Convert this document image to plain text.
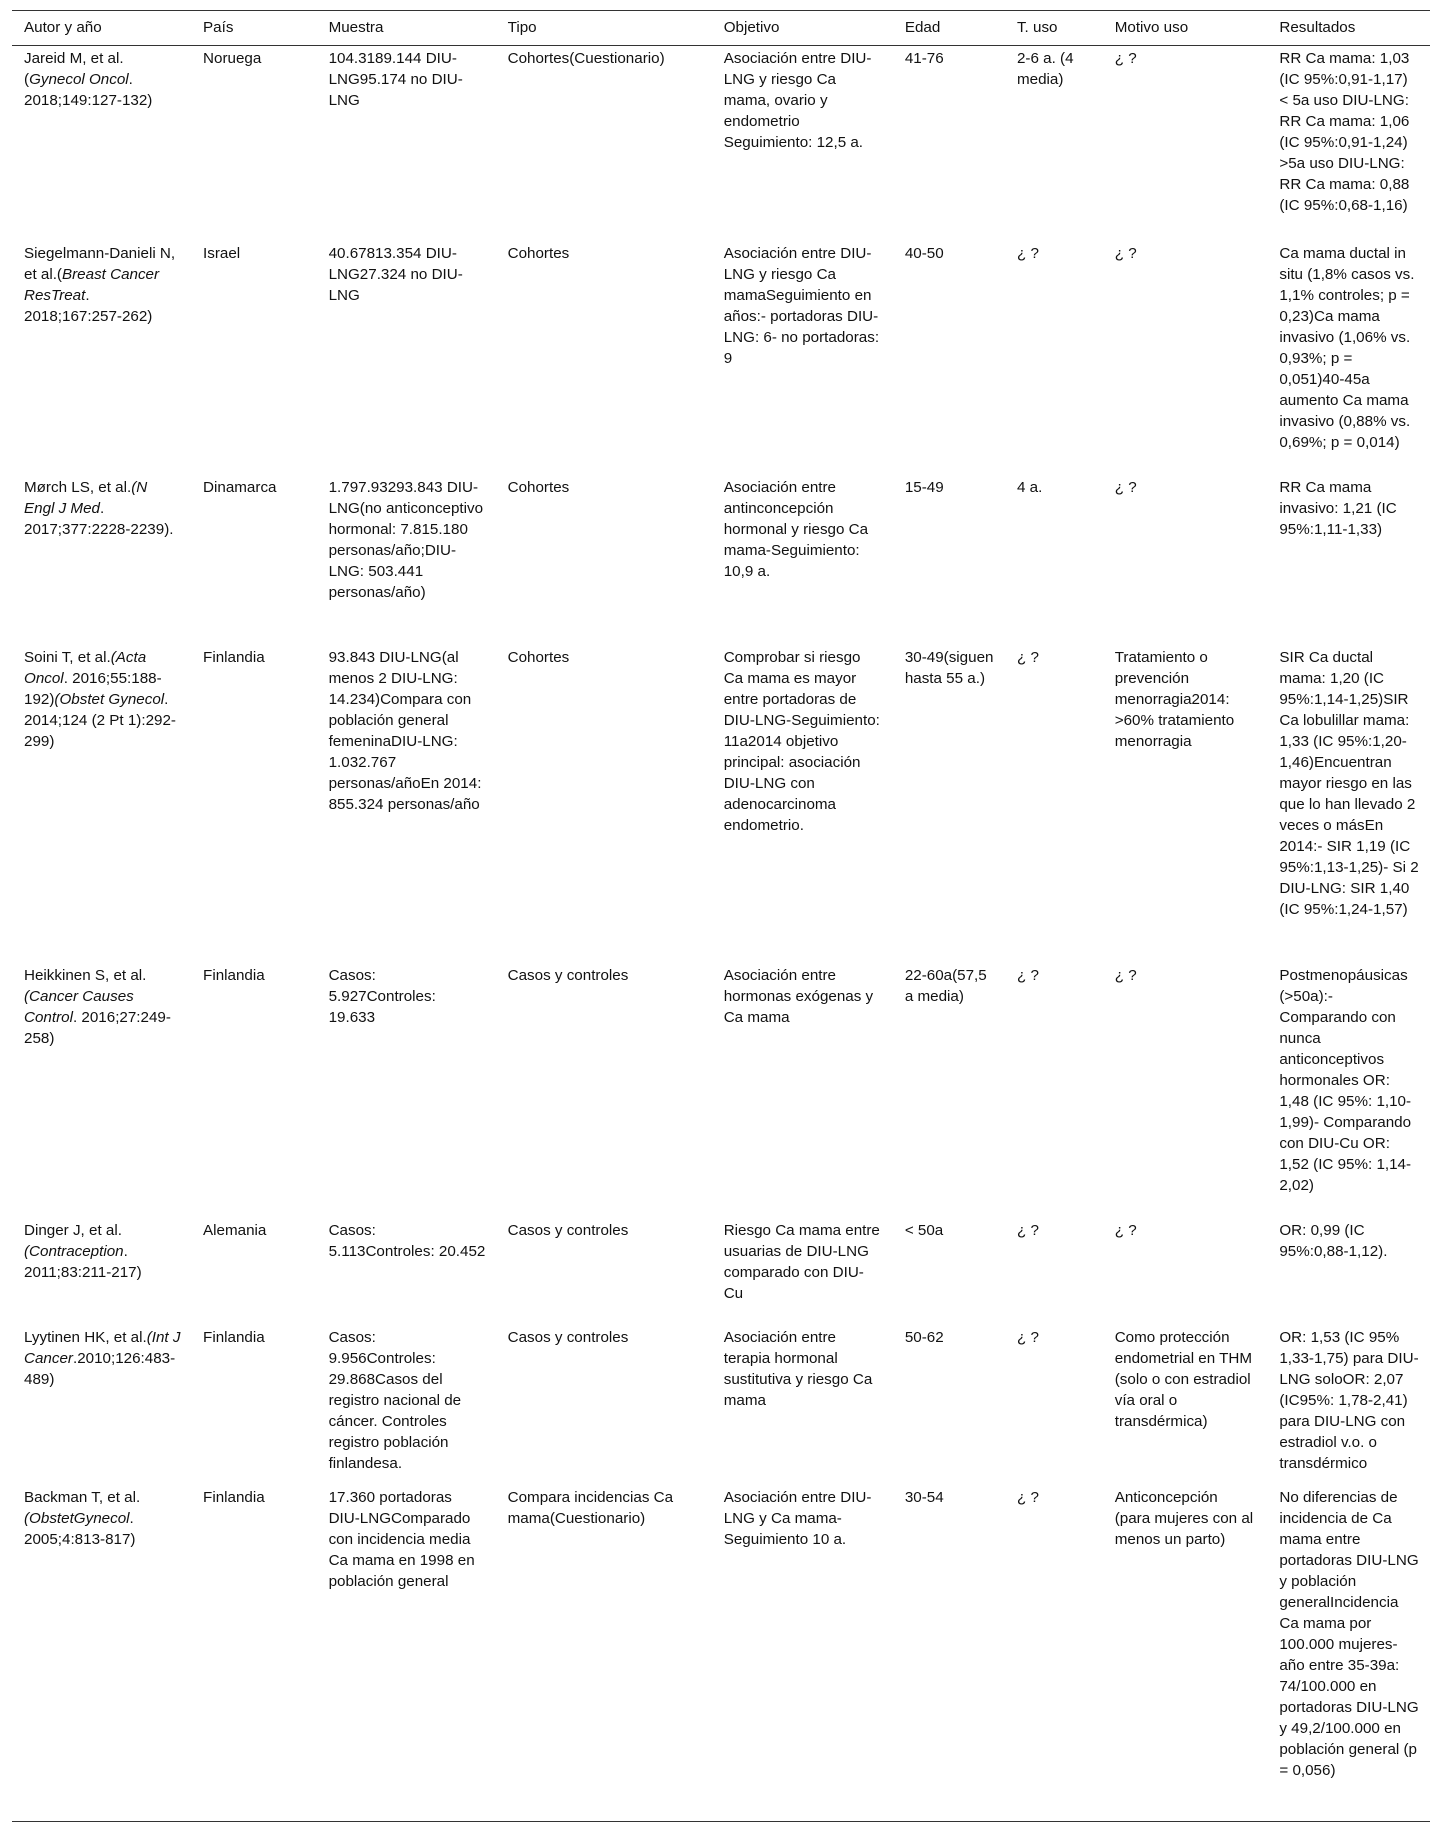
Autor y año	País	Muestra	Tipo	Objetivo	Edad	T. uso	Motivo uso	Resultados
Jareid M, et al. (Gynecol Oncol. 2018;149:127-132)	Noruega	104.3189.144 DIU-LNG95.174 no DIU-LNG	Cohortes(Cuestionario)	Asociación entre DIU-LNG y riesgo Ca mama, ovario y endometrio Seguimiento: 12,5 a.	41-76	2-6 a. (4 media)	¿ ?	RR Ca mama: 1,03 (IC 95%:0,91-1,17) < 5a uso DIU-LNG: RR Ca mama: 1,06 (IC 95%:0,91-1,24) >5a uso DIU-LNG: RR Ca mama: 0,88 (IC 95%:0,68-1,16)
Siegelmann-Danieli N, et al.(Breast Cancer ResTreat. 2018;167:257-262)	Israel	40.67813.354 DIU-LNG27.324 no DIU-LNG	Cohortes	Asociación entre DIU-LNG y riesgo Ca mamaSeguimiento en años:- portadoras DIU-LNG: 6- no portadoras: 9	40-50	¿ ?	¿ ?	Ca mama ductal in situ (1,8% casos vs. 1,1% controles; p = 0,23)Ca mama invasivo (1,06% vs. 0,93%; p = 0,051)40-45a aumento Ca mama invasivo (0,88% vs. 0,69%; p = 0,014)
Mørch LS, et al.(N Engl J Med. 2017;377:2228-2239).	Dinamarca	1.797.93293.843 DIU-LNG(no anticonceptivo hormonal: 7.815.180 personas/año;DIU-LNG: 503.441 personas/año)	Cohortes	Asociación entre antinconcepción hormonal y riesgo Ca mama-Seguimiento: 10,9 a.	15-49	4 a.	¿ ?	RR Ca mama invasivo: 1,21 (IC 95%:1,11-1,33)
Soini T, et al.(Acta Oncol. 2016;55:188-192)(Obstet Gynecol. 2014;124 (2 Pt 1):292-299)	Finlandia	93.843 DIU-LNG(al menos 2 DIU-LNG: 14.234)Compara con población general femeninaDIU-LNG: 1.032.767 personas/añoEn 2014: 855.324 personas/año	Cohortes	Comprobar si riesgo Ca mama es mayor entre portadoras de DIU-LNG-Seguimiento: 11a2014 objetivo principal: asociación DIU-LNG con adenocarcinoma endometrio.	30-49(siguen hasta 55 a.)	¿ ?	Tratamiento o prevención menorragia2014: >60% tratamiento menorragia	SIR Ca ductal mama: 1,20 (IC 95%:1,14-1,25)SIR Ca lobulillar mama: 1,33 (IC 95%:1,20-1,46)Encuentran mayor riesgo en las que lo han llevado 2 veces o másEn 2014:- SIR 1,19 (IC 95%:1,13-1,25)- Si 2 DIU-LNG: SIR 1,40 (IC 95%:1,24-1,57)
Heikkinen S, et al.(Cancer Causes Control. 2016;27:249-258)	Finlandia	Casos: 5.927Controles: 19.633	Casos y controles	Asociación entre hormonas exógenas y Ca mama	22-60a(57,5 a media)	¿ ?	¿ ?	Postmenopáusicas (>50a):- Comparando con nunca anticonceptivos hormonales OR: 1,48 (IC 95%: 1,10-1,99)- Comparando con DIU-Cu OR: 1,52 (IC 95%: 1,14-2,02)
Dinger J, et al.(Contraception. 2011;83:211-217)	Alemania	Casos: 5.113Controles: 20.452	Casos y controles	Riesgo Ca mama entre usuarias de DIU-LNG comparado con DIU-Cu	< 50a	¿ ?	¿ ?	OR: 0,99 (IC 95%:0,88-1,12).
Lyytinen HK, et al.(Int J Cancer.2010;126:483-489)	Finlandia	Casos: 9.956Controles: 29.868Casos del registro nacional de cáncer. Controles registro población finlandesa.	Casos y controles	Asociación entre terapia hormonal sustitutiva y riesgo Ca mama	50-62	¿ ?	Como protección endometrial en THM (solo o con estradiol vía oral o transdérmica)	OR: 1,53 (IC 95% 1,33-1,75) para DIU-LNG soloOR: 2,07 (IC95%: 1,78-2,41) para DIU-LNG con estradiol v.o. o transdérmico
Backman T, et al.(ObstetGynecol. 2005;4:813-817)	Finlandia	17.360 portadoras DIU-LNGComparado con incidencia media Ca mama en 1998 en población general	Compara incidencias Ca mama(Cuestionario)	Asociación entre DIU-LNG y Ca mama-Seguimiento 10 a.	30-54	¿ ?	Anticoncepción (para mujeres con al menos un parto)	No diferencias de incidencia de Ca mama entre portadoras DIU-LNG y población generalIncidencia Ca mama por 100.000 mujeres-año entre 35-39a: 74/100.000 en portadoras DIU-LNG y 49,2/100.000 en población general (p = 0,056)
